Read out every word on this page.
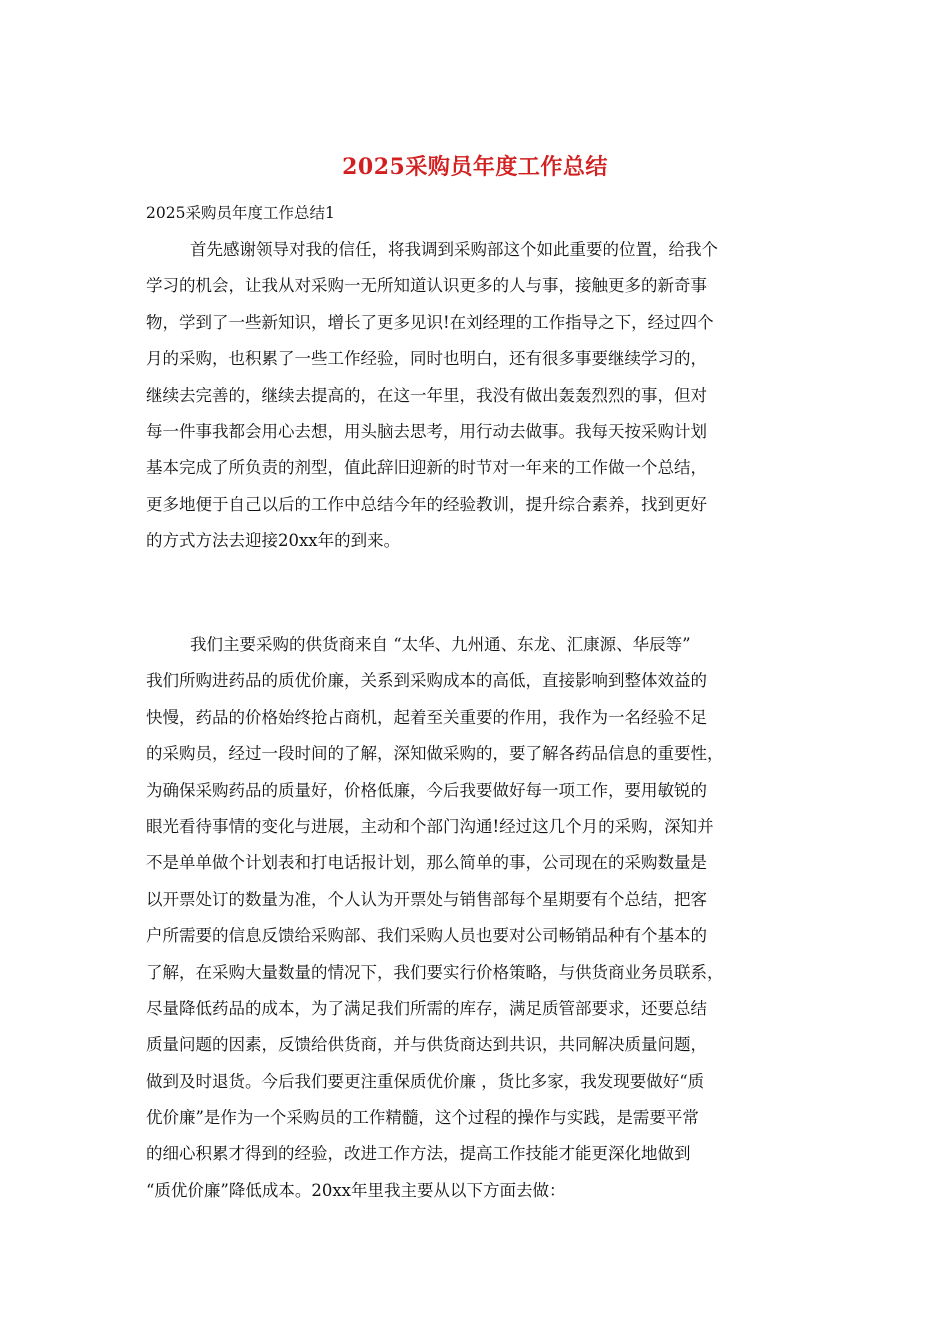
2025采购员年度工作总结

2025采购员年度工作总结1

首先感谢领导对我的信任，将我调到采购部这个如此重要的位置，给我个
学习的机会，让我从对采购一无所知道认识更多的人与事，接触更多的新奇事
物，学到了一些新知识，增长了更多见识!在刘经理的工作指导之下，经过四个
月的采购，也积累了一些工作经验，同时也明白，还有很多事要继续学习的，
继续去完善的，继续去提高的，在这一年里，我没有做出轰轰烈烈的事，但对
每一件事我都会用心去想，用头脑去思考，用行动去做事。我每天按采购计划
基本完成了所负责的剂型，值此辞旧迎新的时节对一年来的工作做一个总结，
更多地便于自己以后的工作中总结今年的经验教训，提升综合素养，找到更好
的方式方法去迎接20xx年的到来。
我们主要采购的供货商来自 “太华、九州通、东龙、汇康源、华辰等”
我们所购进药品的质优价廉，关系到采购成本的高低，直接影响到整体效益的
快慢，药品的价格始终抢占商机，起着至关重要的作用，我作为一名经验不足
的采购员，经过一段时间的了解，深知做采购的，要了解各药品信息的重要性，
为确保采购药品的质量好，价格低廉，今后我要做好每一项工作，要用敏锐的
眼光看待事情的变化与进展，主动和个部门沟通!经过这几个月的采购，深知并
不是单单做个计划表和打电话报计划，那么简单的事，公司现在的采购数量是
以开票处订的数量为准，个人认为开票处与销售部每个星期要有个总结，把客
户所需要的信息反馈给采购部、我们采购人员也要对公司畅销品种有个基本的
了解，在采购大量数量的情况下，我们要实行价格策略，与供货商业务员联系，
尽量降低药品的成本，为了满足我们所需的库存，满足质管部要求，还要总结
质量问题的因素，反馈给供货商，并与供货商达到共识，共同解决质量问题，
做到及时退货。今后我们要更注重保质优价廉 ，货比多家，我发现要做好“质
优价廉”是作为一个采购员的工作精髓，这个过程的操作与实践，是需要平常
的细心积累才得到的经验，改进工作方法，提高工作技能才能更深化地做到
“质优价廉”降低成本。20xx年里我主要从以下方面去做：
